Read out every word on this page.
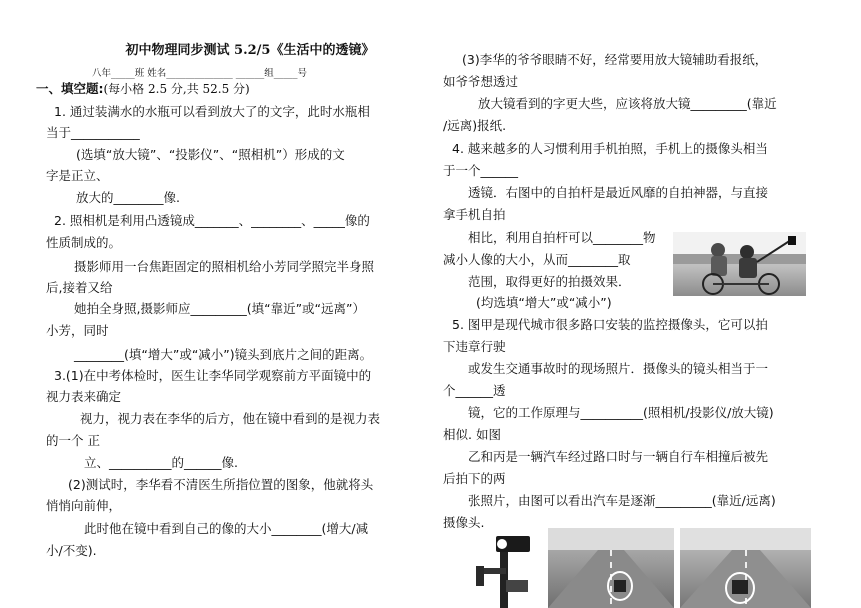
初中物理同步测试 5.2/5《生活中的透镜》
八年_____班 姓名______________ ______组_____号
一、填空题:(每小格 2.5 分,共 52.5 分)
1. 通过装满水的水瓶可以看到放大了的文字，此时水瓶相
当于___________
(选填“放大镜”、“投影仪”、“照相机”）形成的文
字是正立、
放大的________像.
2. 照相机是利用凸透镜成_______、________、_____像的
性质制成的。
摄影师用一台焦距固定的照相机给小芳同学照完半身照
后,接着又给
她拍全身照,摄影师应_________(填“靠近”或“远离”）
小芳，同时
________(填“增大”或“减小”)镜头到底片之间的距离。
3.(1)在中考体检时，医生让李华同学观察前方平面镜中的
视力表来确定
视力，视力表在李华的后方，他在镜中看到的是视力表
的一个 正
立、__________的______像.
(2)测试时，李华看不清医生所指位置的图象，他就将头
悄悄向前伸，
此时他在镜中看到自己的像的大小________(增大/减
小/不变).
(3)李华的爷爷眼睛不好，经常要用放大镜辅助看报纸，
如爷爷想透过
放大镜看到的字更大些，应该将放大镜_________(靠近
/远离)报纸.
4. 越来越多的人习惯利用手机拍照，手机上的摄像头相当
于一个______
透镜．右图中的自拍杆是最近风靡的自拍神器，与直接
拿手机自拍
相比，利用自拍杆可以________物
减小人像的大小，从而________取
范围，取得更好的拍摄效果．
(均选填“增大”或“减小”)
5. 图甲是现代城市很多路口安装的监控摄像头，它可以拍
下违章行驶
或发生交通事故时的现场照片．摄像头的镜头相当于一
个______透
镜，它的工作原理与__________(照相机/投影仪/放大镜)
相似. 如图
乙和丙是一辆汽车经过路口时与一辆自行车相撞后被先
后拍下的两
张照片，由图可以看出汽车是逐渐_________(靠近/远离)
摄像头.
